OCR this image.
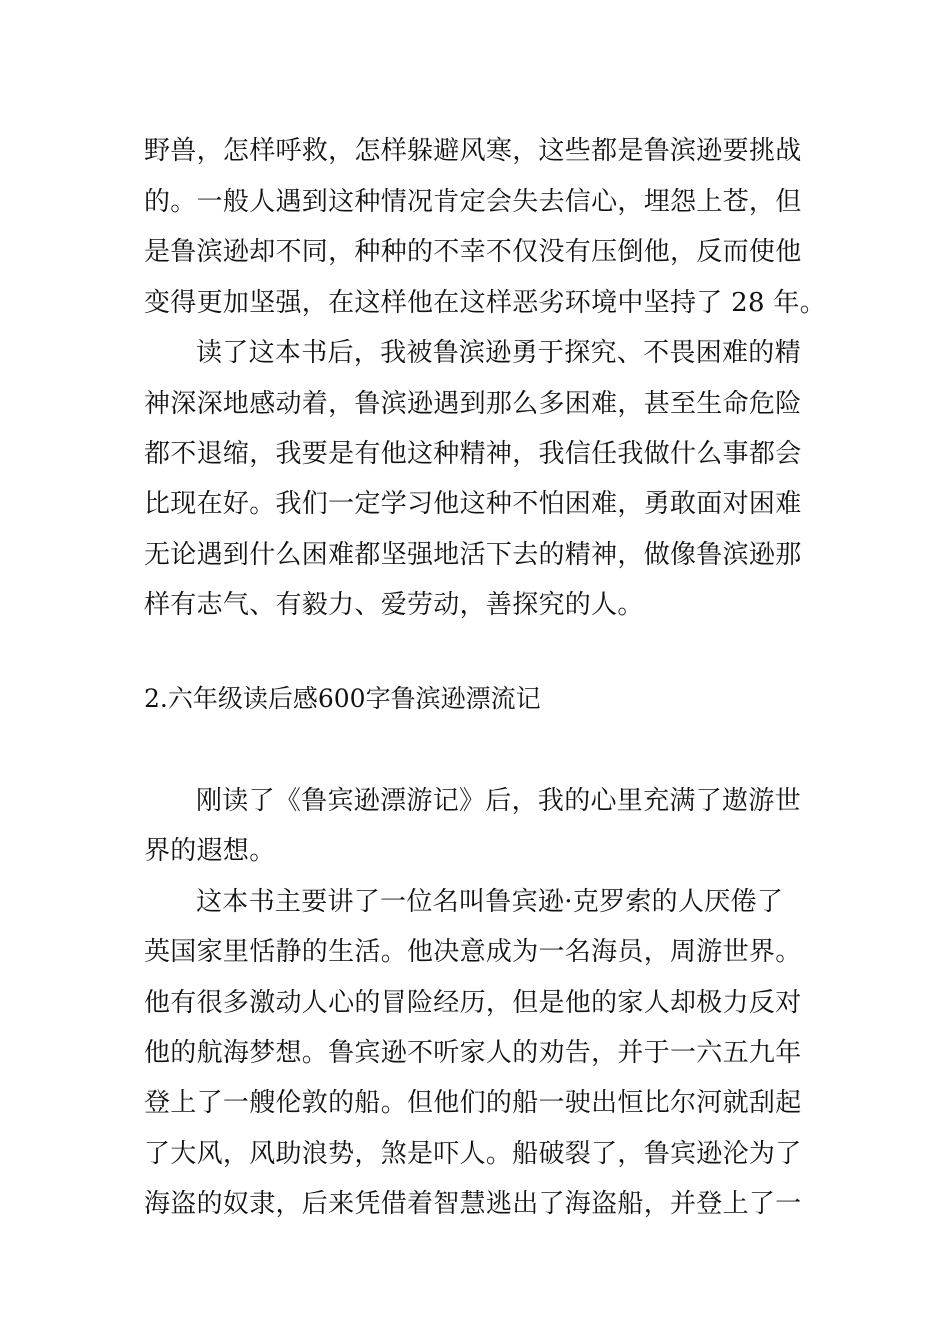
野兽，怎样呼救，怎样躲避风寒，这些都是鲁滨逊要挑战
的。一般人遇到这种情况肯定会失去信心，埋怨上苍，但
是鲁滨逊却不同，种种的不幸不仅没有压倒他，反而使他
变得更加坚强，在这样他在这样恶劣环境中坚持了 28 年。
读了这本书后，我被鲁滨逊勇于探究、不畏困难的精
神深深地感动着，鲁滨逊遇到那么多困难，甚至生命危险
都不退缩，我要是有他这种精神，我信任我做什么事都会
比现在好。我们一定学习他这种不怕困难，勇敢面对困难
无论遇到什么困难都坚强地活下去的精神，做像鲁滨逊那
样有志气、有毅力、爱劳动，善探究的人。
2.六年级读后感600字鲁滨逊漂流记
刚读了《鲁宾逊漂游记》后，我的心里充满了遨游世
界的遐想。
这本书主要讲了一位名叫鲁宾逊·克罗索的人厌倦了
英国家里恬静的生活。他决意成为一名海员，周游世界。
他有很多激动人心的冒险经历，但是他的家人却极力反对
他的航海梦想。鲁宾逊不听家人的劝告，并于一六五九年
登上了一艘伦敦的船。但他们的船一驶出恒比尔河就刮起
了大风，风助浪势，煞是吓人。船破裂了，鲁宾逊沦为了
海盗的奴隶，后来凭借着智慧逃出了海盗船，并登上了一
